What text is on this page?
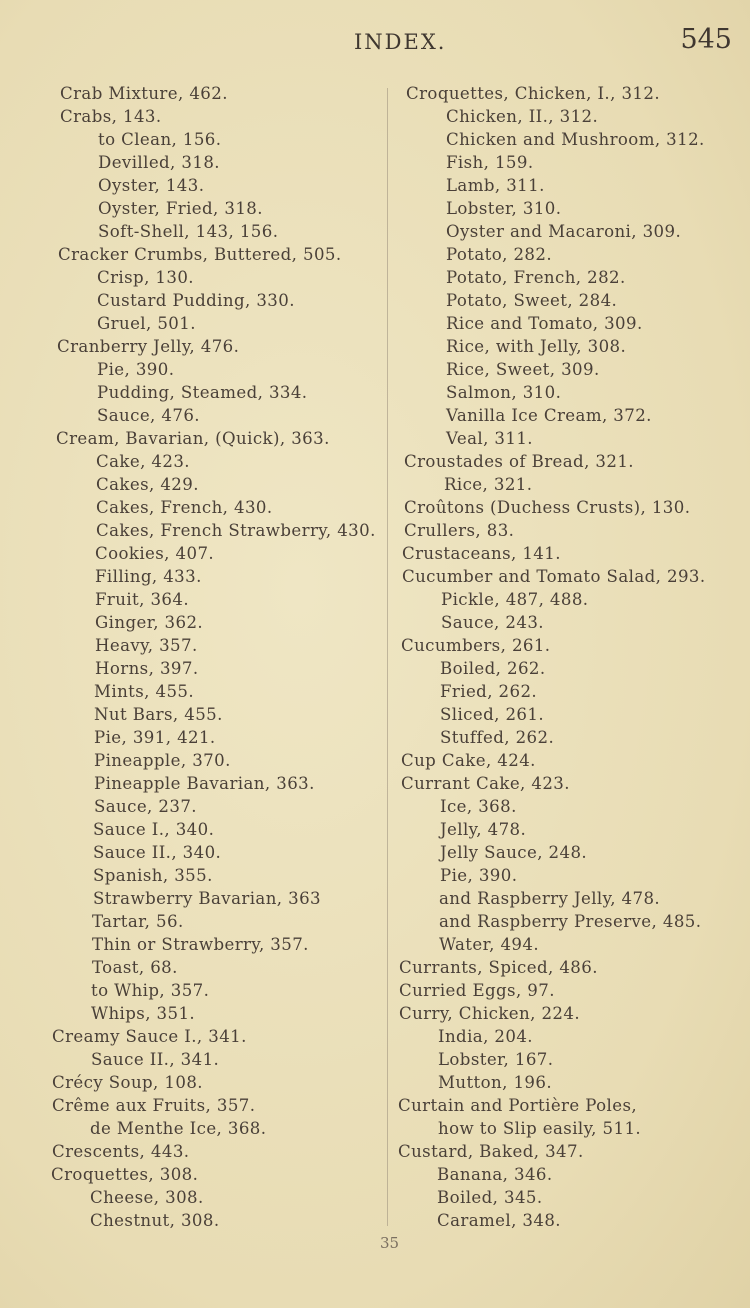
INDEX.	545
Crab Mixture, 462.
Crabs, 143.
to Clean, 156.
Devilled, 318.
Oyster, 143.
Oyster, Fried, 318.
Soft-Shell, 143, 156.
Cracker Crumbs, Buttered, 505.
Crisp, 130.
Custard Pudding, 330.
Gruel, 501.
Cranberry Jelly, 476.
Pie, 390.
Pudding, Steamed, 334.
Sauce, 476.
Cream, Bavarian, (Quick), 363.
Cake, 423.
Cakes, 429.
Cakes, French, 430.
Cakes, French Strawberry, 430.
Cookies, 407.
Filling, 433.
Fruit, 364.
Ginger, 362.
Heavy, 357.
Horns, 397.
Mints, 455.
Nut Bars, 455.
Pie, 391, 421.
Pineapple, 370.
Pineapple Bavarian, 363.
Sauce, 237.
Sauce I., 340.
Sauce II., 340.
Spanish, 355.
Strawberry Bavarian, 363
Tartar, 56.
Thin or Strawberry, 357.
Toast, 68.
to Whip, 357.
Whips, 351.
Creamy Sauce I., 341.
Sauce II., 341.
Crécy Soup, 108.
Crême aux Fruits, 357.
de Menthe Ice, 368.
Crescents, 443.
Croquettes, 308.
Cheese, 308.
Chestnut, 308.
Croquettes, Chicken, I., 312.
Chicken, II., 312.
Chicken and Mushroom, 312.
Fish, 159.
Lamb, 311.
Lobster, 310.
Oyster and Macaroni, 309.
Potato, 282.
Potato, French, 282.
Potato, Sweet, 284.
Rice and Tomato, 309.
Rice, with Jelly, 308.
Rice, Sweet, 309.
Salmon, 310.
Vanilla Ice Cream, 372.
Veal, 311.
Croustades of Bread, 321.
Rice, 321.
Croûtons (Duchess Crusts), 130.
Crullers, 83.
Crustaceans, 141.
Cucumber and Tomato Salad, 293.
Pickle, 487, 488.
Sauce, 243.
Cucumbers, 261.
Boiled, 262.
Fried, 262.
Sliced, 261.
Stuffed, 262.
Cup Cake, 424.
Currant Cake, 423.
Ice, 368.
Jelly, 478.
Jelly Sauce, 248.
Pie, 390.
and Raspberry Jelly, 478.
and Raspberry Preserve, 485.
Water, 494.
Currants, Spiced, 486.
Curried Eggs, 97.
Curry, Chicken, 224.
India, 204.
Lobster, 167.
Mutton, 196.
Curtain and Portière Poles,
how to Slip easily, 511.
Custard, Baked, 347.
Banana, 346.
Boiled, 345.
Caramel, 348.
35
